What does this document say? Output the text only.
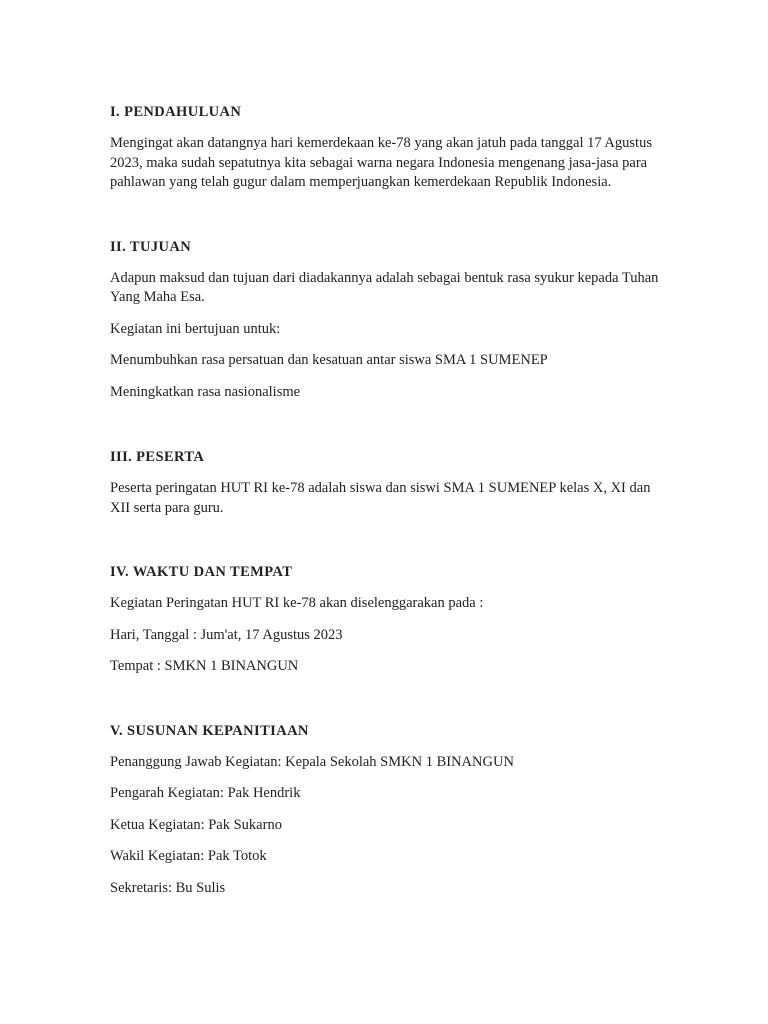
I. PENDAHULUAN

Mengingat akan datangnya hari kemerdekaan ke-78 yang akan jatuh pada tanggal 17 Agustus 2023, maka sudah sepatutnya kita sebagai warna negara Indonesia mengenang jasa-jasa para pahlawan yang telah gugur dalam memperjuangkan kemerdekaan Republik Indonesia.

II. TUJUAN

Adapun maksud dan tujuan dari diadakannya adalah sebagai bentuk rasa syukur kepada Tuhan Yang Maha Esa.

Kegiatan ini bertujuan untuk:

Menumbuhkan rasa persatuan dan kesatuan antar siswa SMA 1 SUMENEP

Meningkatkan rasa nasionalisme

III. PESERTA

Peserta peringatan HUT RI ke-78 adalah siswa dan siswi SMA 1 SUMENEP kelas X, XI dan XII serta para guru.

IV. WAKTU DAN TEMPAT

Kegiatan Peringatan HUT RI ke-78 akan diselenggarakan pada :

Hari, Tanggal : Jum'at, 17 Agustus 2023

Tempat : SMKN 1 BINANGUN

V. SUSUNAN KEPANITIAAN

Penanggung Jawab Kegiatan: Kepala Sekolah SMKN 1 BINANGUN

Pengarah Kegiatan: Pak Hendrik

Ketua Kegiatan: Pak Sukarno

Wakil Kegiatan: Pak Totok

Sekretaris: Bu Sulis
